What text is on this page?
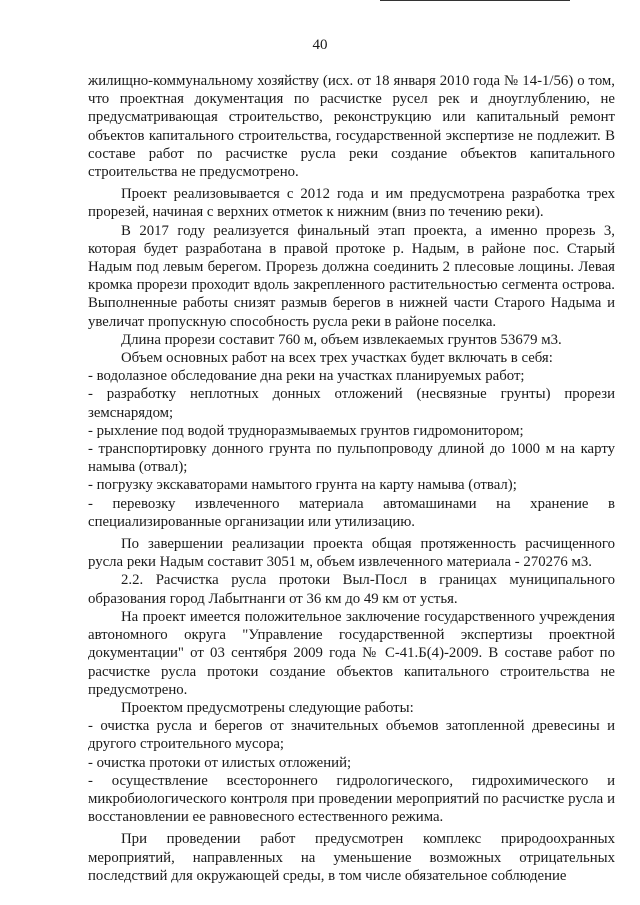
40

жилищно-коммунальному хозяйству (исх. от 18 января 2010 года № 14-1/56) о том, что проектная документация по расчистке русел рек и дноуглублению, не предусматривающая строительство, реконструкцию или капитальный ремонт объектов капитального строительства, государственной экспертизе не подлежит. В составе работ по расчистке русла реки создание объектов капитального строительства не предусмотрено.

Проект реализовывается с 2012 года и им предусмотрена разработка трех прорезей, начиная с верхних отметок к нижним (вниз по течению реки).

В 2017 году реализуется финальный этап проекта, а именно прорезь 3, которая будет разработана в правой протоке р. Надым, в районе пос. Старый Надым под левым берегом. Прорезь должна соединить 2 плесовые лощины. Левая кромка прорези проходит вдоль закрепленного растительностью сегмента острова. Выполненные работы снизят размыв берегов в нижней части Старого Надыма и увеличат пропускную способность русла реки в районе поселка.

Длина прорези составит 760 м, объем извлекаемых грунтов 53679 м3.

Объем основных работ на всех трех участках будет включать в себя:

- водолазное обследование дна реки на участках планируемых работ;

- разработку неплотных донных отложений (несвязные грунты) прорези земснарядом;

- рыхление под водой трудноразмываемых грунтов гидромонитором;

- транспортировку донного грунта по пульпопроводу длиной до 1000 м на карту намыва (отвал);

- погрузку экскаваторами намытого грунта на карту намыва (отвал);

- перевозку извлеченного материала автомашинами на хранение в специализированные организации или утилизацию.

По завершении реализации проекта общая протяженность расчищенного русла реки Надым составит 3051 м, объем извлеченного материала - 270276 м3.

2.2. Расчистка русла протоки Выл-Посл в границах муниципального образования город Лабытнанги от 36 км до 49 км от устья.

На проект имеется положительное заключение государственного учреждения автономного округа "Управление государственной экспертизы проектной документации" от 03 сентября 2009 года № С-41.Б(4)-2009. В составе работ по расчистке русла протоки создание объектов капитального строительства не предусмотрено.

Проектом предусмотрены следующие работы:

- очистка русла и берегов от значительных объемов затопленной древесины и другого строительного мусора;

- очистка протоки от илистых отложений;

- осуществление всестороннего гидрологического, гидрохимического и микробиологического контроля при проведении мероприятий по расчистке русла и восстановлении ее равновесного естественного режима.

При проведении работ предусмотрен комплекс природоохранных мероприятий, направленных на уменьшение возможных отрицательных последствий для окружающей среды, в том числе обязательное соблюдение
